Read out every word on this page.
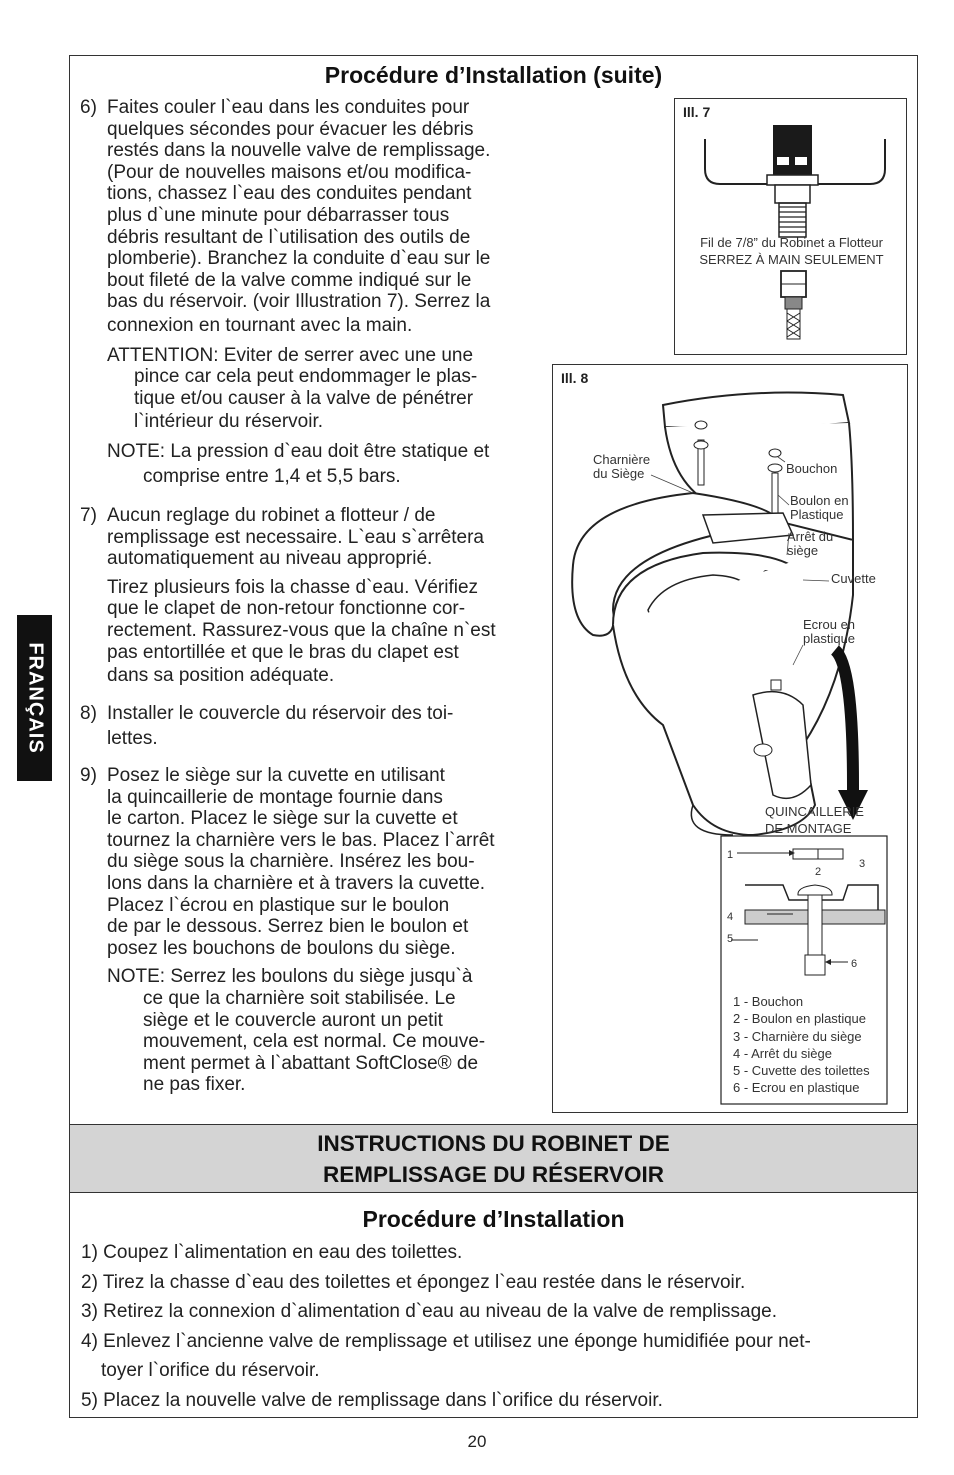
FRANÇAIS
Procédure d’Installation (suite)
6) Faites couler l`eau dans les conduites pour
quelques sécondes pour évacuer les débris
restés dans la nouvelle valve de remplissage.
(Pour de nouvelles maisons et/ou modifica-
tions, chassez l`eau des conduites pendant
plus d`une minute pour débarrasser tous
débris resultant de l`utilisation des outils de
plomberie). Branchez la conduite d`eau sur le
bout fileté de la valve comme indiqué sur le
bas du réservoir. (voir Illustration 7). Serrez la
connexion en tournant avec la main.
ATTENTION: Eviter de serrer avec une une
pince car cela peut endommager le plas-
tique et/ou causer à la valve de pénétrer
l`intérieur du réservoir.
NOTE: La pression d`eau doit être statique et
comprise entre 1,4 et 5,5 bars.
7) Aucun reglage du robinet a flotteur / de
remplissage est necessaire. L`eau s`arrêtera
automatiquement au niveau approprié.
Tirez plusieurs fois la chasse d`eau. Vérifiez
que le clapet de non-retour fonctionne cor-
rectement. Rassurez-vous que la chaîne n`est
pas entortillée et que le bras du clapet est
dans sa position adéquate.
8) Installer le couvercle du réservoir des toi-
lettes.
9) Posez le siège sur la cuvette en utilisant
la quincaillerie de montage fournie dans
le carton. Placez le siège sur la cuvette et
tournez la charnière vers le bas. Placez l`arrêt
du siège sous la charnière. Insérez les bou-
lons dans la charnière et à travers la cuvette.
Placez l`écrou en plastique sur le boulon
de par le dessous. Serrez bien le boulon et
posez les bouchons de boulons du siège.
NOTE: Serrez les boulons du siège jusqu`à
ce que la charnière soit stabilisée. Le
siège et le couvercle auront un petit
mouvement, cela est normal. Ce mouve-
ment permet à l`abattant SoftClose® de
ne pas fixer.
Ill. 7
Fil de 7/8” du Robinet a Flotteur
SERREZ À MAIN SEULEMENT
Ill. 8
Charnière
du Siège	Bouchon
Boulon en
Plastique
Arrêt du
siège
Cuvette
Ecrou en
plastique
QUINCAILLERIE
DE MONTAGE
1
2
3
4
5
6
1 - Bouchon
2 - Boulon en plastique
3 - Charnière du siège
4 - Arrêt du siège
5 - Cuvette des toilettes
6 - Ecrou en plastique
INSTRUCTIONS DU ROBINET DE
REMPLISSAGE DU RÉSERVOIR
Procédure d’Installation
1) Coupez l`alimentation en eau des toilettes.
2) Tirez la chasse d`eau des toilettes et épongez l`eau restée dans le réservoir.
3) Retirez la connexion d`alimentation d`eau au niveau de la valve de remplissage.
4) Enlevez l`ancienne valve de remplissage et utilisez une éponge humidifiée pour net-
toyer l`orifice du réservoir.
5) Placez la nouvelle valve de remplissage dans l`orifice du réservoir.
20
